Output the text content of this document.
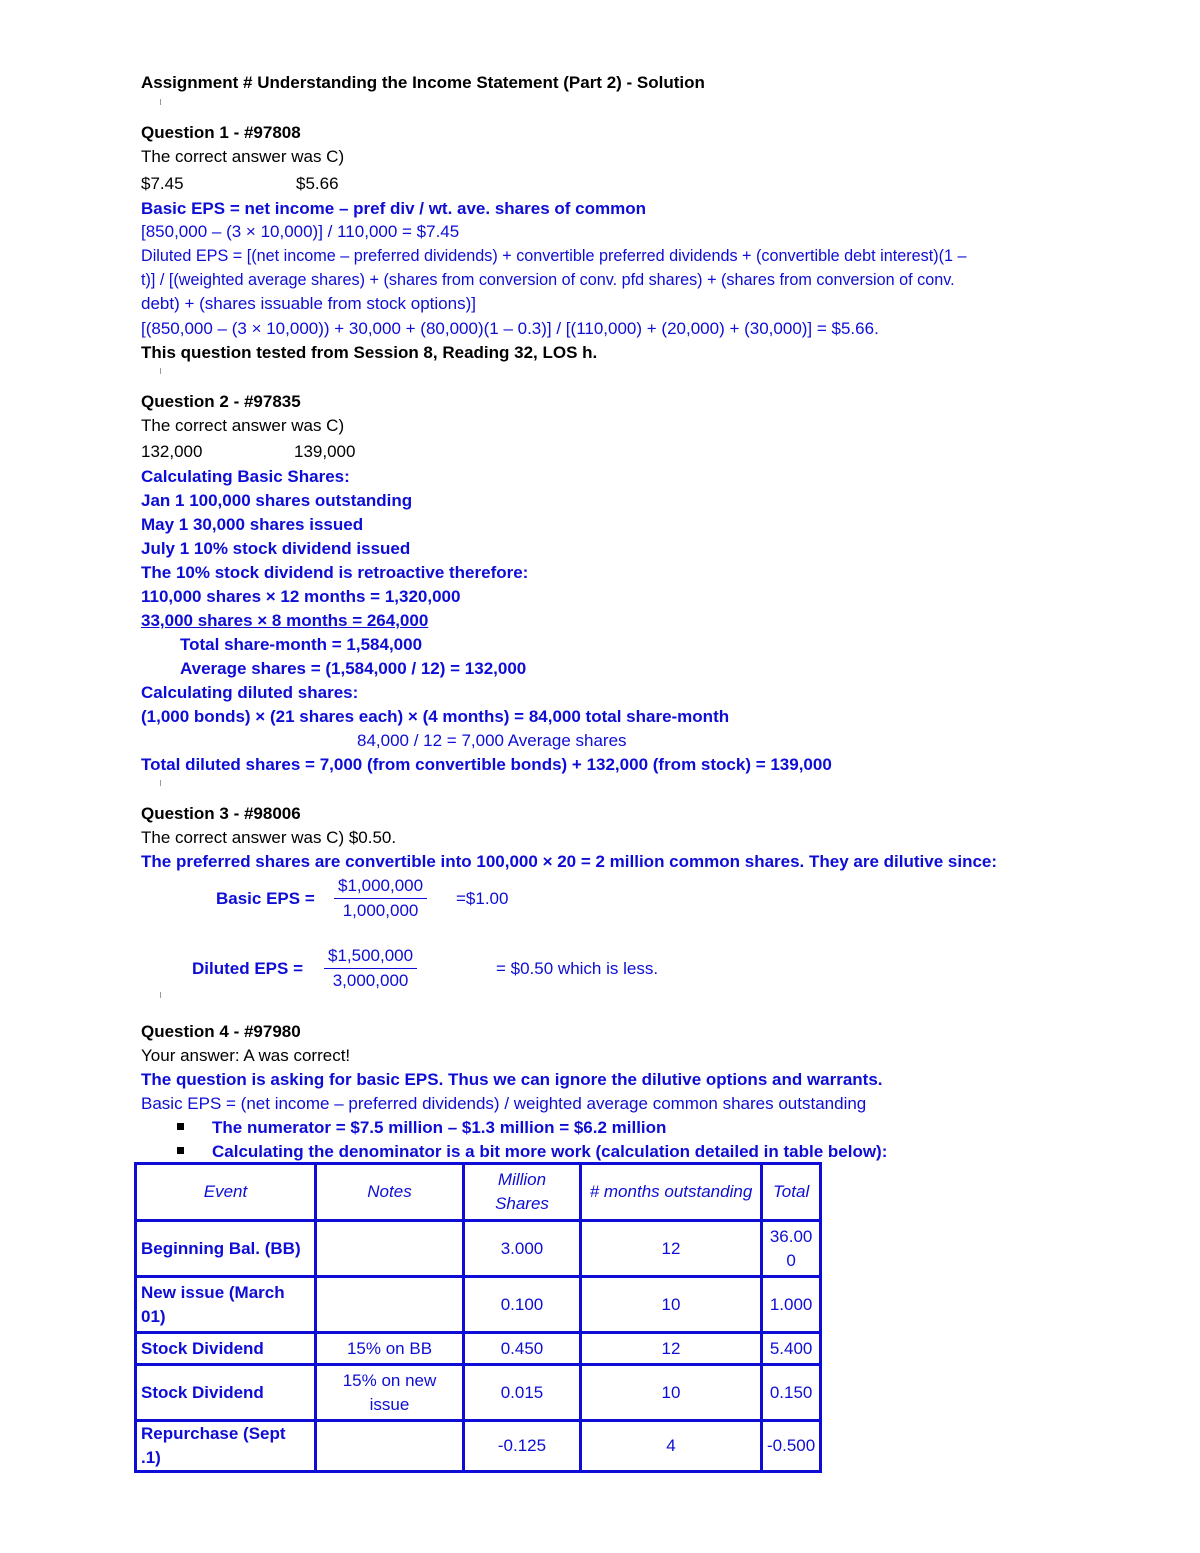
Assignment # Understanding the Income Statement (Part 2) - Solution
Question 1 - #97808
The correct answer was C)
$7.45	$5.66
Basic EPS = net income – pref div / wt. ave. shares of common
[850,000 – (3 × 10,000)] / 110,000 = $7.45
Diluted EPS = [(net income – preferred dividends) + convertible preferred dividends + (convertible debt interest)(1 –
t)] / [(weighted average shares) + (shares from conversion of conv. pfd shares) + (shares from conversion of conv.
debt) + (shares issuable from stock options)]
[(850,000 – (3 × 10,000)) + 30,000 + (80,000)(1 – 0.3)] / [(110,000) + (20,000) + (30,000)] = $5.66.
This question tested from Session 8, Reading 32, LOS h.
Question 2 - #97835
The correct answer was C)
132,000	139,000
Calculating Basic Shares:
Jan 1 100,000 shares outstanding
May 1 30,000 shares issued
July 1 10% stock dividend issued
The 10% stock dividend is retroactive therefore:
110,000 shares × 12 months = 1,320,000
33,000 shares × 8 months = 264,000
Total share-month = 1,584,000
Average shares = (1,584,000 / 12) = 132,000
Calculating diluted shares:
(1,000 bonds) × (21 shares each) × (4 months) = 84,000 total share-month
84,000 / 12 = 7,000 Average shares
Total diluted shares = 7,000 (from convertible bonds) + 132,000 (from stock) = 139,000
Question 3 - #98006
The correct answer was C) $0.50.
The preferred shares are convertible into 100,000 × 20 = 2 million common shares. They are dilutive since:
Basic EPS = $\frac{\$1,000,000}{1,000,000}$ =$1.00
Diluted EPS = $\frac{\$1,500,000}{3,000,000}$	= $0.50 which is less.
Question 4 - #97980
Your answer: A was correct!
The question is asking for basic EPS. Thus we can ignore the dilutive options and warrants.
Basic EPS = (net income – preferred dividends) / weighted average common shares outstanding
The numerator = $7.5 million – $1.3 million = $6.2 million
Calculating the denominator is a bit more work (calculation detailed in table below):
Event	Notes	Million Shares	# months outstanding	Total
Beginning Bal. (BB)		3.000	12	36.000
New issue (March 01)		0.100	10	1.000
Stock Dividend	15% on BB	0.450	12	5.400
Stock Dividend	15% on new issue	0.015	10	0.150
Repurchase (Sept .1)		-0.125	4	-0.500
